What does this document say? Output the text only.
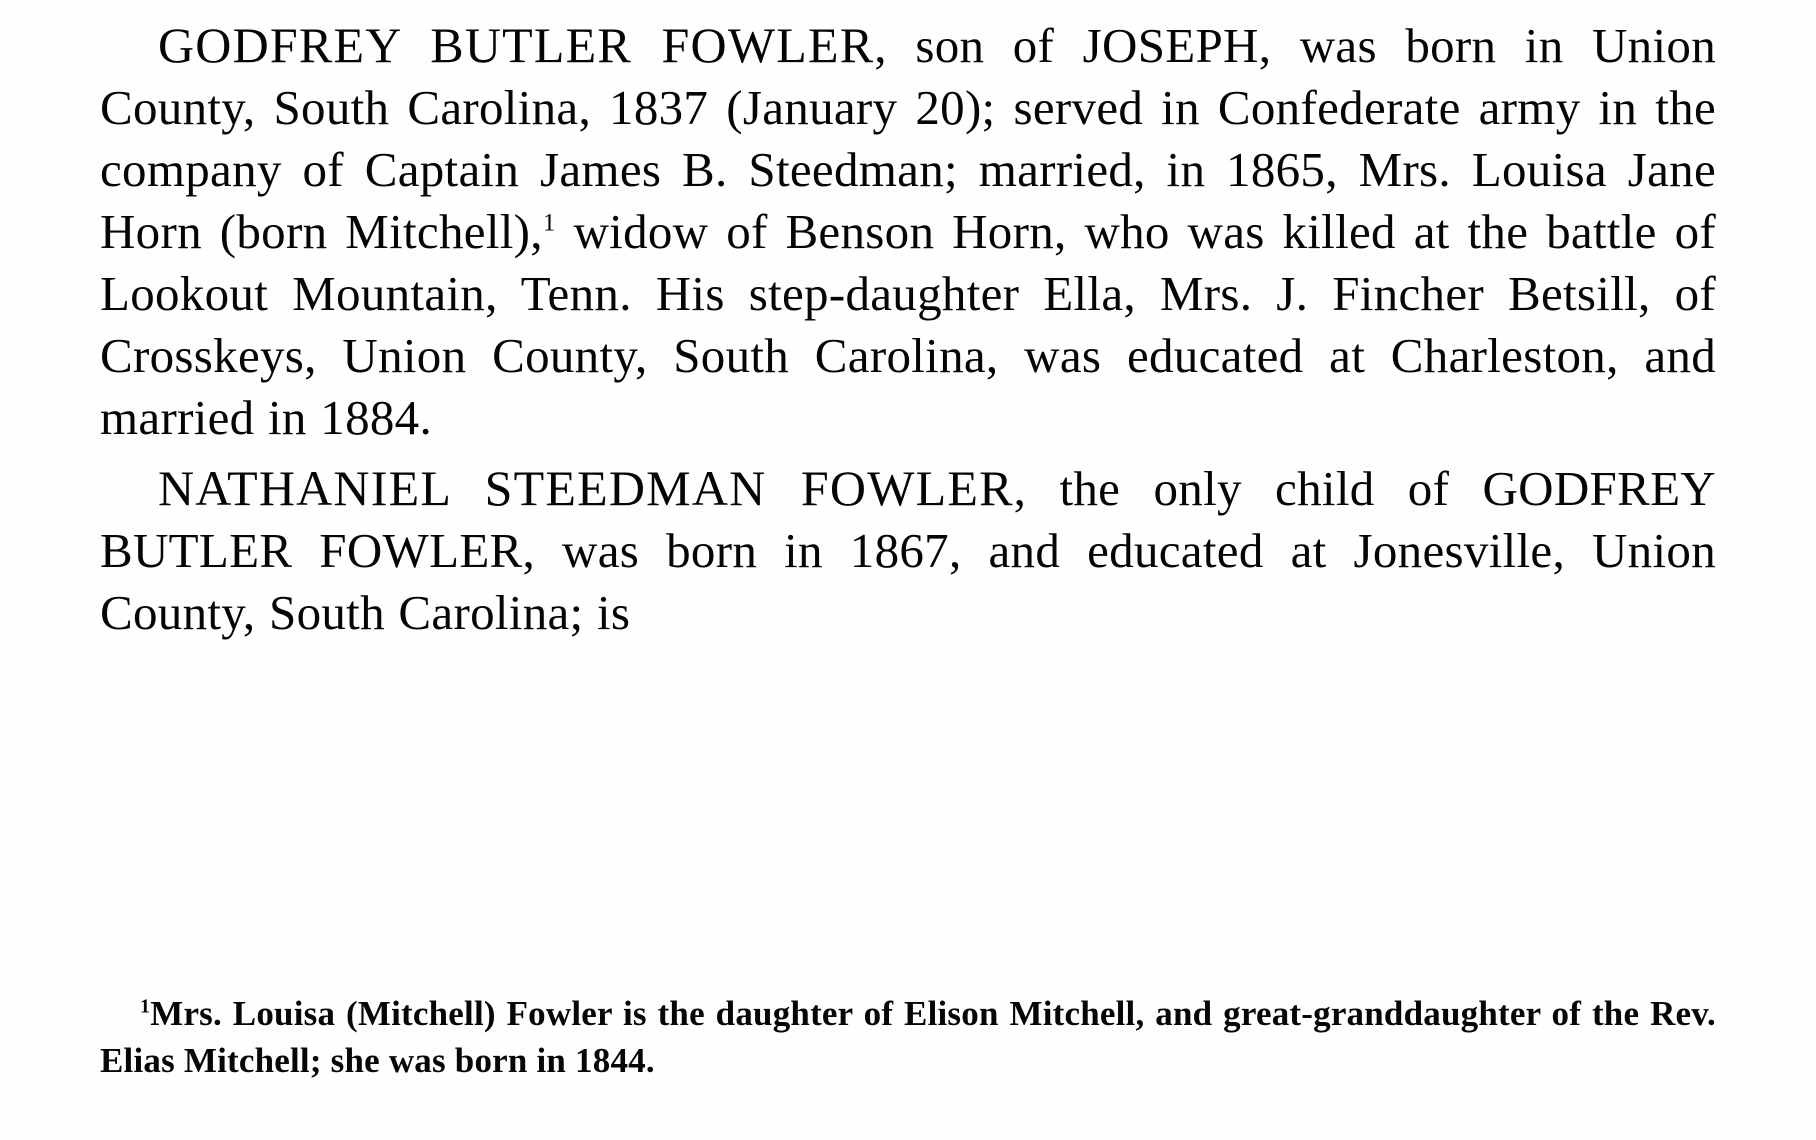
GODFREY BUTLER FOWLER, son of JOSEPH, was born in Union County, South Carolina, 1837 (January 20); served in Confederate army in the company of Captain James B. Steedman; married, in 1865, Mrs. Louisa Jane Horn (born Mitchell),$^1$ widow of Benson Horn, who was killed at the battle of Lookout Mountain, Tenn. His step-daughter Ella, Mrs. J. Fincher Betsill, of Crosskeys, Union County, South Carolina, was educated at Charleston, and married in 1884.

NATHANIEL STEEDMAN FOWLER, the only child of GODFREY BUTLER FOWLER, was born in 1867, and educated at Jonesville, Union County, South Carolina; is

$^1$Mrs. Louisa (Mitchell) Fowler is the daughter of Elison Mitchell, and great-granddaughter of the Rev. Elias Mitchell; she was born in 1844.
